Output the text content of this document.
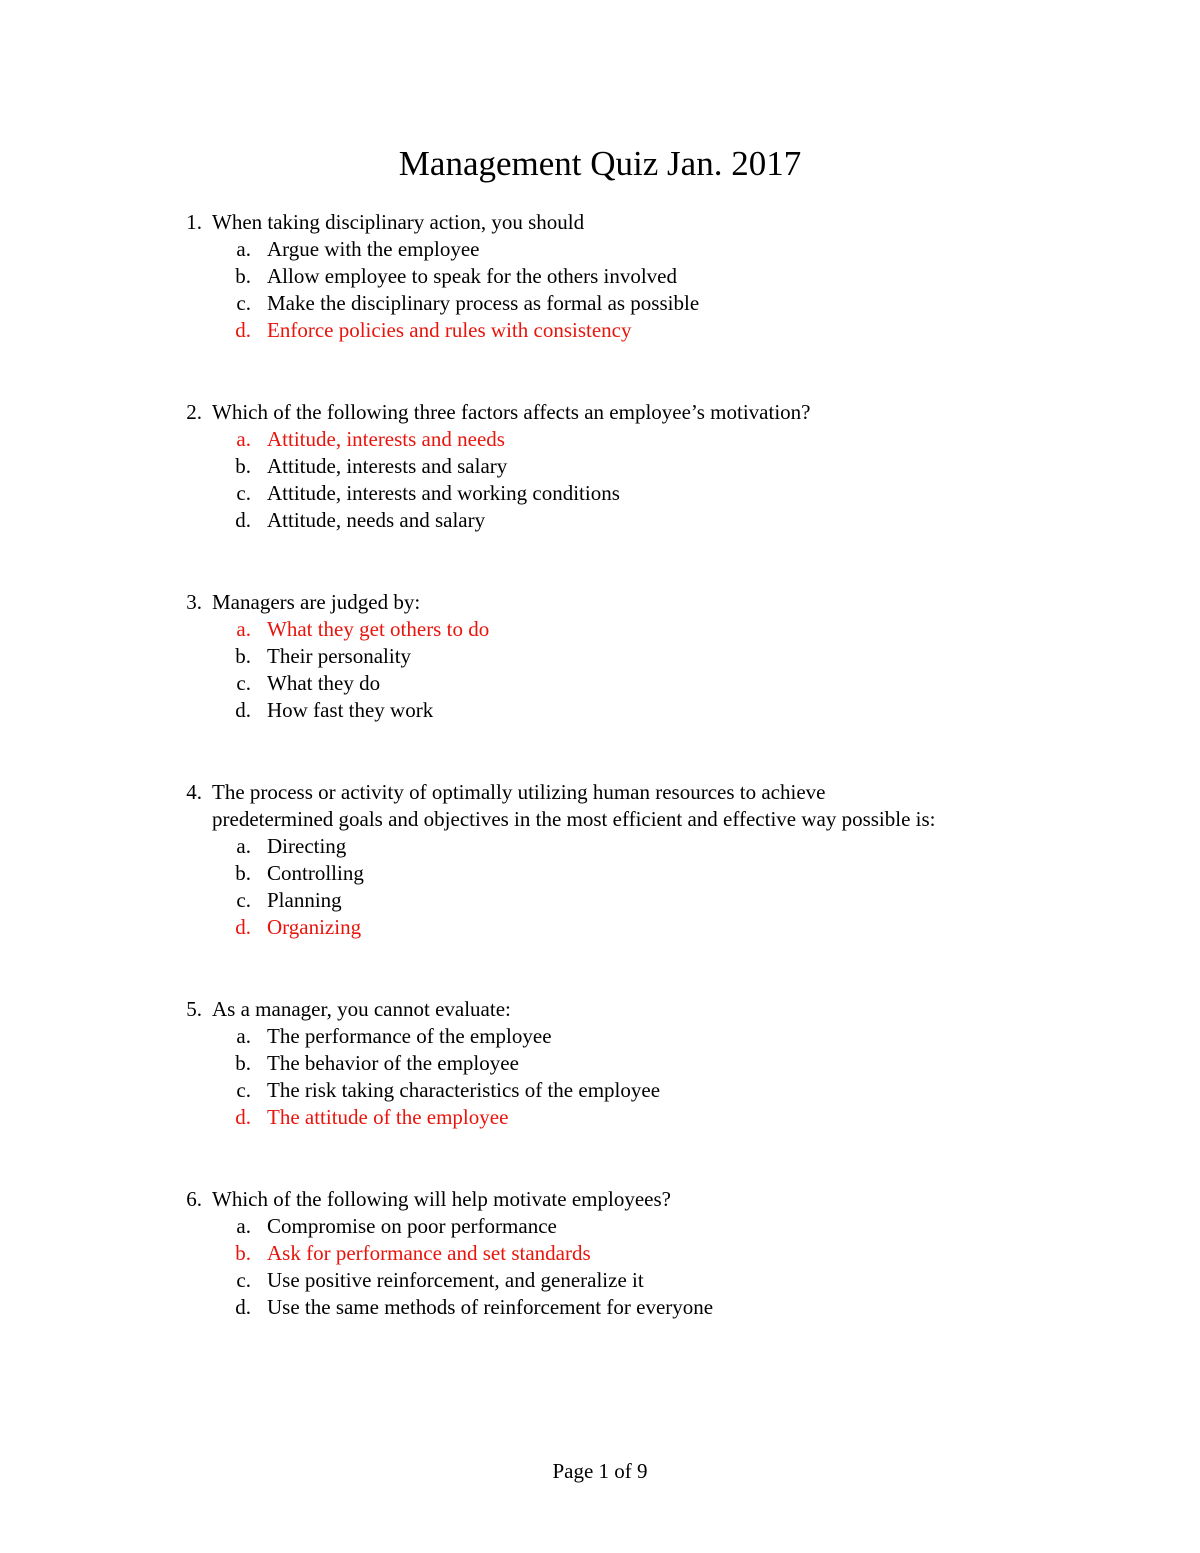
Management Quiz Jan. 2017
1. When taking disciplinary action, you should
a. Argue with the employee
b. Allow employee to speak for the others involved
c. Make the disciplinary process as formal as possible
d. Enforce policies and rules with consistency
2. Which of the following three factors affects an employee’s motivation?
a. Attitude, interests and needs
b. Attitude, interests and salary
c. Attitude, interests and working conditions
d. Attitude, needs and salary
3. Managers are judged by:
a. What they get others to do
b. Their personality
c. What they do
d. How fast they work
4. The process or activity of optimally utilizing human resources to achieve
predetermined goals and objectives in the most efficient and effective way possible is:
a. Directing
b. Controlling
c. Planning
d. Organizing
5. As a manager, you cannot evaluate:
a. The performance of the employee
b. The behavior of the employee
c. The risk taking characteristics of the employee
d. The attitude of the employee
6. Which of the following will help motivate employees?
a. Compromise on poor performance
b. Ask for performance and set standards
c. Use positive reinforcement, and generalize it
d. Use the same methods of reinforcement for everyone
Page 1 of 9
